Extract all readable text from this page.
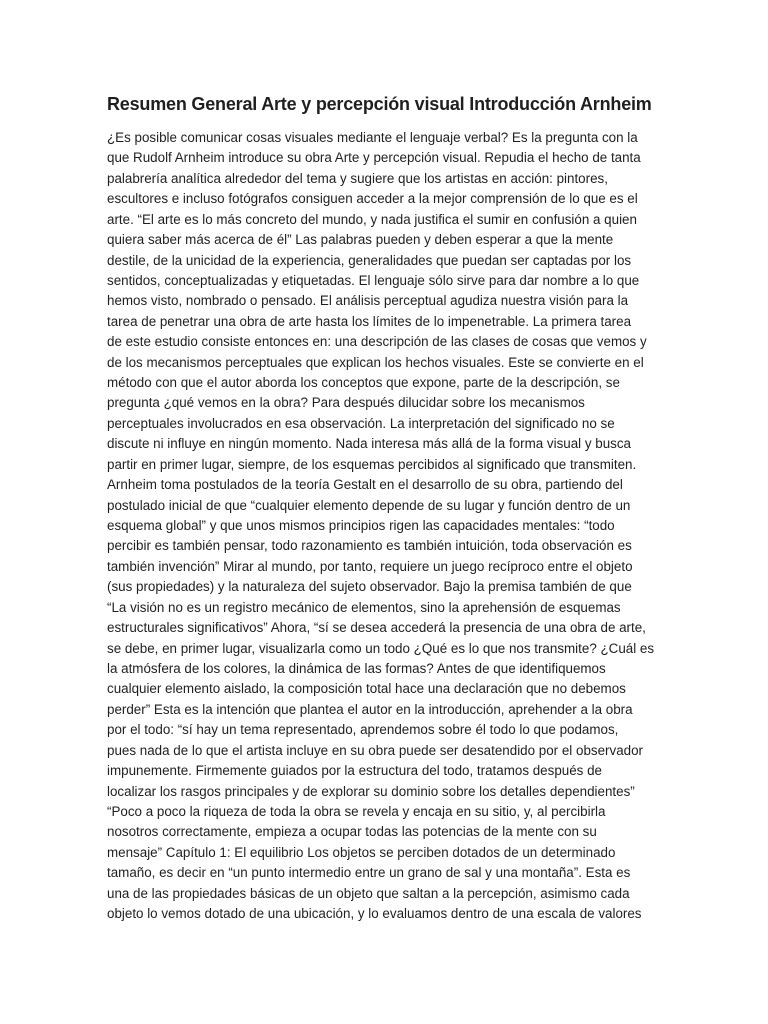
Resumen General Arte y percepción visual Introducción Arnheim
¿Es posible comunicar cosas visuales mediante el lenguaje verbal? Es la pregunta con la
que Rudolf Arnheim introduce su obra Arte y percepción visual. Repudia el hecho de tanta
palabrería analítica alrededor del tema y sugiere que los artistas en acción: pintores,
escultores e incluso fotógrafos consiguen acceder a la mejor comprensión de lo que es el
arte. “El arte es lo más concreto del mundo, y nada justifica el sumir en confusión a quien
quiera saber más acerca de él” Las palabras pueden y deben esperar a que la mente
destile, de la unicidad de la experiencia, generalidades que puedan ser captadas por los
sentidos, conceptualizadas y etiquetadas. El lenguaje sólo sirve para dar nombre a lo que
hemos visto, nombrado o pensado. El análisis perceptual agudiza nuestra visión para la
tarea de penetrar una obra de arte hasta los límites de lo impenetrable. La primera tarea
de este estudio consiste entonces en: una descripción de las clases de cosas que vemos y
de los mecanismos perceptuales que explican los hechos visuales. Este se convierte en el
método con que el autor aborda los conceptos que expone, parte de la descripción, se
pregunta ¿qué vemos en la obra? Para después dilucidar sobre los mecanismos
perceptuales involucrados en esa observación. La interpretación del significado no se
discute ni influye en ningún momento. Nada interesa más allá de la forma visual y busca
partir en primer lugar, siempre, de los esquemas percibidos al significado que transmiten.
Arnheim toma postulados de la teoría Gestalt en el desarrollo de su obra, partiendo del
postulado inicial de que “cualquier elemento depende de su lugar y función dentro de un
esquema global” y que unos mismos principios rigen las capacidades mentales: “todo
percibir es también pensar, todo razonamiento es también intuición, toda observación es
también invención” Mirar al mundo, por tanto, requiere un juego recíproco entre el objeto
(sus propiedades) y la naturaleza del sujeto observador. Bajo la premisa también de que
“La visión no es un registro mecánico de elementos, sino la aprehensión de esquemas
estructurales significativos” Ahora, “sí se desea accederá la presencia de una obra de arte,
se debe, en primer lugar, visualizarla como un todo ¿Qué es lo que nos transmite? ¿Cuál es
la atmósfera de los colores, la dinámica de las formas? Antes de que identifiquemos
cualquier elemento aislado, la composición total hace una declaración que no debemos
perder” Esta es la intención que plantea el autor en la introducción, aprehender a la obra
por el todo: “sí hay un tema representado, aprendemos sobre él todo lo que podamos,
pues nada de lo que el artista incluye en su obra puede ser desatendido por el observador
impunemente. Firmemente guiados por la estructura del todo, tratamos después de
localizar los rasgos principales y de explorar su dominio sobre los detalles dependientes”
“Poco a poco la riqueza de toda la obra se revela y encaja en su sitio, y, al percibirla
nosotros correctamente, empieza a ocupar todas las potencias de la mente con su
mensaje” Capítulo 1: El equilibrio Los objetos se perciben dotados de un determinado
tamaño, es decir en “un punto intermedio entre un grano de sal y una montaña”. Esta es
una de las propiedades básicas de un objeto que saltan a la percepción, asimismo cada
objeto lo vemos dotado de una ubicación, y lo evaluamos dentro de una escala de valores
